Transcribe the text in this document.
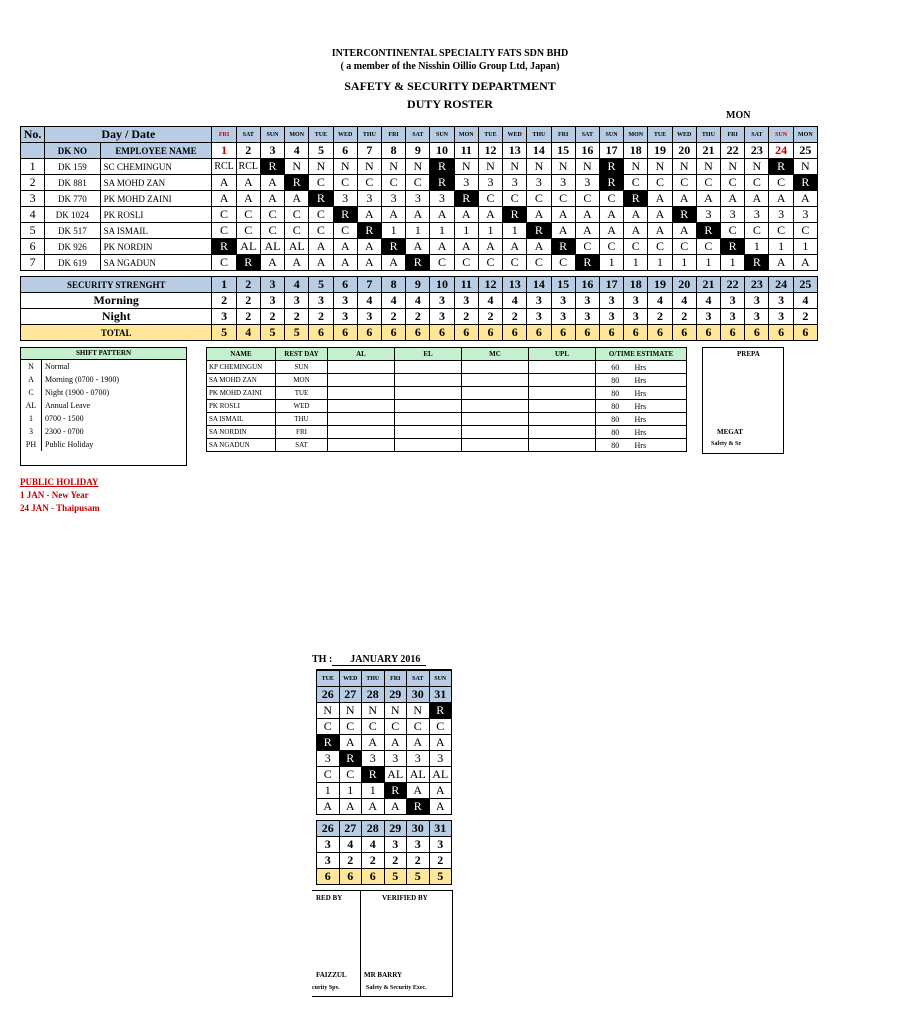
INTERCONTINENTAL SPECIALTY FATS SDN BHD
( a member of the Nisshin Oillio Group Ltd, Japan)
SAFETY & SECURITY DEPARTMENT
DUTY ROSTER
MON
No.	Day / Date		FRI	SAT	SUN	MON	TUE	WED	THU	FRI	SAT	SUN	MON	TUE	WED	THU	FRI	SAT	SUN	MON	TUE	WED	THU	FRI	SAT	SUN	MON
	DK NO	EMPLOYEE NAME	1	2	3	4	5	6	7	8	9	10	11	12	13	14	15	16	17	18	19	20	21	22	23	24	25
1	DK 159	SC CHEMINGUN	RCL	RCL	R	N	N	N	N	N	N	R	N	N	N	N	N	N	R	N	N	N	N	N	N	R	N
2	DK 881	SA MOHD ZAN	A	A	A	R	C	C	C	C	C	R	3	3	3	3	3	3	R	C	C	C	C	C	C	C	R
3	DK 770	PK MOHD ZAINI	A	A	A	A	R	3	3	3	3	3	R	C	C	C	C	C	C	R	A	A	A	A	A	A	A
4	DK 1024	PK ROSLI	C	C	C	C	C	R	A	A	A	A	A	A	R	A	A	A	A	A	A	R	3	3	3	3	3
5	DK 517	SA ISMAIL	C	C	C	C	C	C	R	1	1	1	1	1	1	R	A	A	A	A	A	A	R	C	C	C	C
6	DK 926	PK NORDIN	R	AL	AL	AL	A	A	A	R	A	A	A	A	A	A	R	C	C	C	C	C	C	R	1	1	1
7	DK 619	SA NGADUN	C	R	A	A	A	A	A	A	R	C	C	C	C	C	C	R	1	1	1	1	1	1	R	A	A

SECURITY STRENGHT			1	2	3	4	5	6	7	8	9	10	11	12	13	14	15	16	17	18	19	20	21	22	23	24	25
Morning			2	2	3	3	3	3	4	4	4	3	3	4	4	3	3	3	3	3	4	4	4	3	3	3	4
Night			3	2	2	2	2	3	3	2	2	3	2	2	2	3	3	3	3	3	2	2	3	3	3	3	2
TOTAL			5	4	5	5	6	6	6	6	6	6	6	6	6	6	6	6	6	6	6	6	6	6	6	6	6
SHIFT PATTERN
N	Normal
A	Morning (0700 - 1900)
C	Night (1900 - 0700)
AL	Annual Leave
1	0700 - 1500
3	2300 - 0700
PH	Public Holiday
NAME	REST DAY	AL	EL	MC	UPL	O/TIME ESTIMATE	
KP CHEMINGUN	SUN					60	Hrs
SA MOHD ZAN	MON					80	Hrs
PK MOHD ZAINI	TUE					80	Hrs
PK ROSLI	WED					80	Hrs
SA ISMAIL	THU					80	Hrs
SA NORDIN	FRI					80	Hrs
SA NGADUN	SAT					80	Hrs
PREPA
MEGAT
Safety & Se
PUBLIC HOLIDAY
1 JAN - New Year
24 JAN - Thaipusam
TH : JANUARY 2016
TUE	WED	THU	FRI	SAT	SUN
26	27	28	29	30	31
N	N	N	N	N	R
C	C	C	C	C	C
R	A	A	A	A	A
3	R	3	3	3	3
C	C	R	AL	AL	AL
1	1	1	R	A	A
A	A	A	A	R	A

26	27	28	29	30	31
3	4	4	3	3	3
3	2	2	2	2	2
6	6	6	5	5	5
RED BY	VERIFIED BY
FAIZZUL MR BARRY
curity Spv.	Safety & Security Exec.
